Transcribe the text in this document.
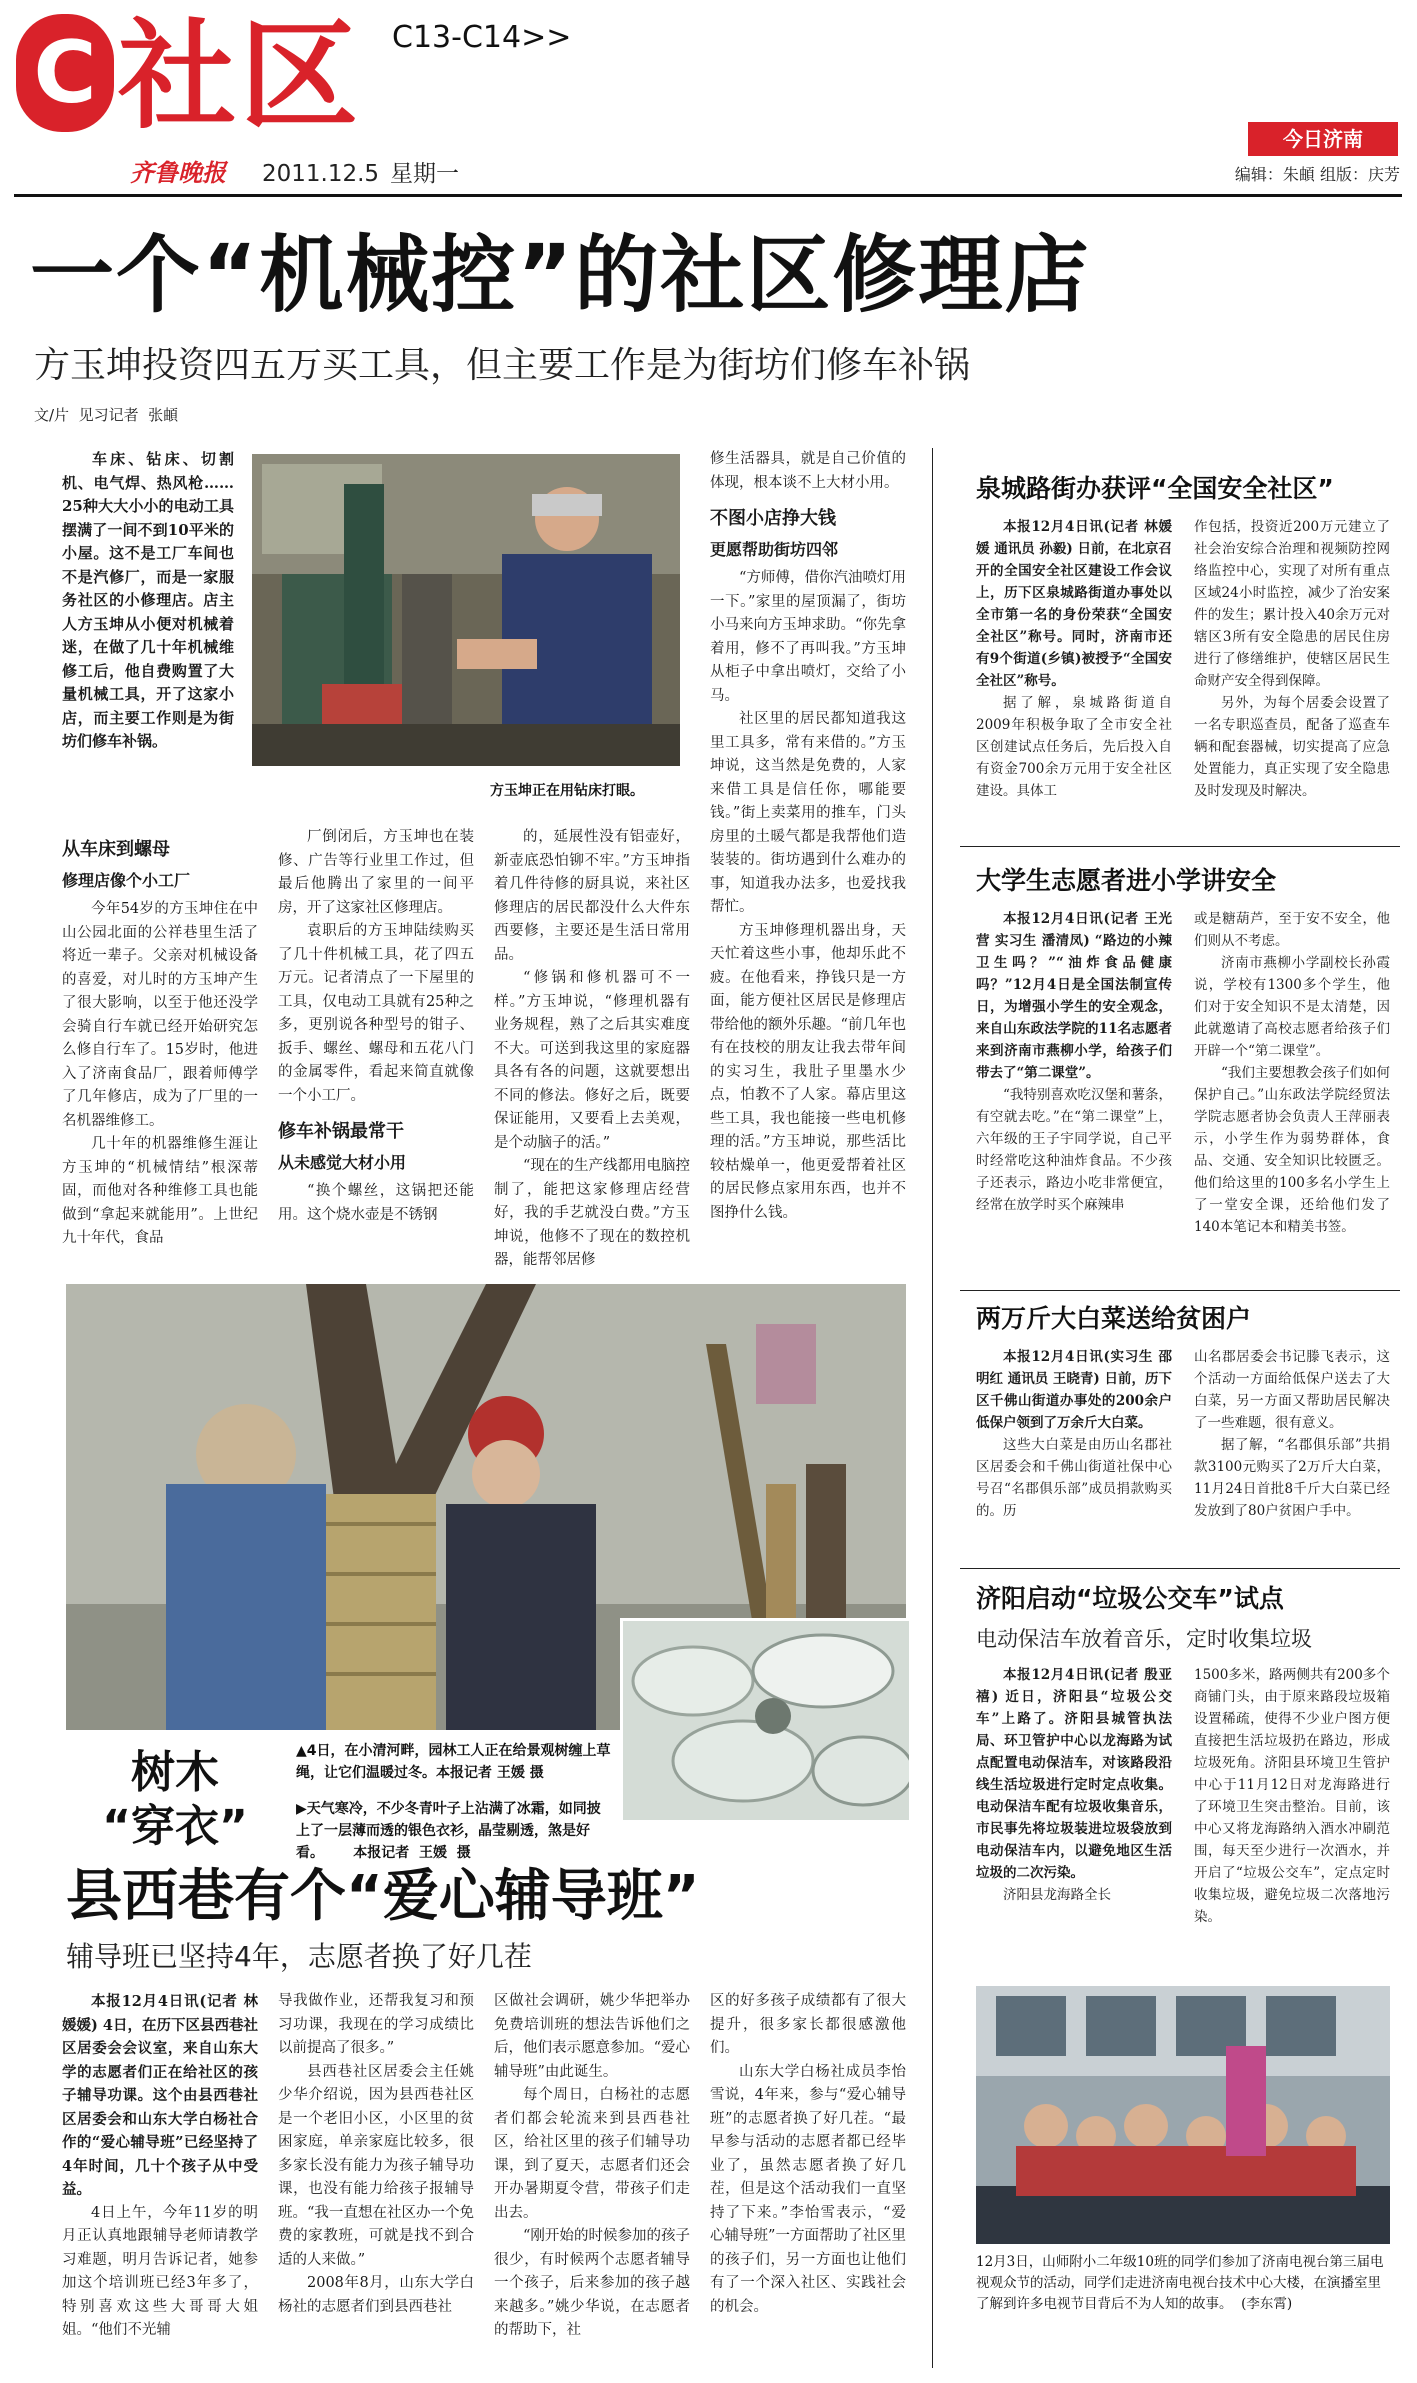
C 社区 C13-C14>>
齐鲁晚报 2011.12.5 星期一
今日济南
编辑：朱頔 组版：庆芳
一个“机械控”的社区修理店
方玉坤投资四五万买工具，但主要工作是为街坊们修车补锅
文/片  见习记者  张頔

车床、钻床、切割机、电气焊、热风枪……25种大大小小的电动工具摆满了一间不到10平米的小屋。这不是工厂车间也不是汽修厂，而是一家服务社区的小修理店。店主人方玉坤从小便对机械着迷，在做了几十年机械维修工后，他自费购置了大量机械工具，开了这家小店，而主要工作则是为街坊们修车补锅。

方玉坤正在用钻床打眼。
从车床到螺母
修理店像个小工厂

今年54岁的方玉坤住在中山公园北面的公祥巷里生活了将近一辈子。父亲对机械设备的喜爱，对儿时的方玉坤产生了很大影响，以至于他还没学会骑自行车就已经开始研究怎么修自行车了。15岁时，他进入了济南食品厂，跟着师傅学了几年修店，成为了厂里的一名机器维修工。

几十年的机器维修生涯让方玉坤的“机械情结”根深蒂固，而他对各种维修工具也能做到“拿起来就能用”。上世纪九十年代，食品

厂倒闭后，方玉坤也在装修、广告等行业里工作过，但最后他腾出了家里的一间平房，开了这家社区修理店。

袁职后的方玉坤陆续购买了几十件机械工具，花了四五万元。记者清点了一下屋里的工具，仅电动工具就有25种之多，更别说各种型号的钳子、扳手、螺丝、螺母和五花八门的金属零件，看起来简直就像一个小工厂。

修车补锅最常干
从未感觉大材小用

“换个螺丝，这锅把还能用。这个烧水壶是不锈钢

的，延展性没有铝壶好，新壶底恐怕铆不牢。”方玉坤指着几件待修的厨具说，来社区修理店的居民都没什么大件东西要修，主要还是生活日常用品。

“修锅和修机器可不一样。”方玉坤说，“修理机器有业务规程，熟了之后其实难度不大。可送到我这里的家庭器具各有各的问题，这就要想出不同的修法。修好之后，既要保证能用，又要看上去美观，是个动脑子的活。”

“现在的生产线都用电脑控制了，能把这家修理店经营好，我的手艺就没白费。”方玉坤说，他修不了现在的数控机器，能帮邻居修

修生活器具，就是自己价值的体现，根本谈不上大材小用。

不图小店挣大钱
更愿帮助街坊四邻

“方师傅，借你汽油喷灯用一下。”家里的屋顶漏了，街坊小马来向方玉坤求助。“你先拿着用，修不了再叫我。”方玉坤从柜子中拿出喷灯，交给了小马。

社区里的居民都知道我这里工具多，常有来借的。”方玉坤说，这当然是免费的，人家来借工具是信任你，哪能要钱。”街上卖菜用的推车，门头房里的土暖气都是我帮他们造装装的。街坊遇到什么难办的事，知道我办法多，也爱找我帮忙。

方玉坤修理机器出身，天天忙着这些小事，他却乐此不疲。在他看来，挣钱只是一方面，能方便社区居民是修理店带给他的额外乐趣。“前几年也有在技校的朋友让我去带年间的实习生，我肚子里墨水少点，怕教不了人家。幕店里这些工具，我也能接一些电机修理的活。”方玉坤说，那些活比较枯燥单一，他更爱帮着社区的居民修点家用东西，也并不图挣什么钱。

树木
“穿衣”
▲4日，在小清河畔，园林工人正在给景观树缠上草绳，让它们温暖过冬。本报记者 王媛 摄
▶天气寒冷，不少冬青叶子上沾满了冰霜，如同披上了一层薄而透的银色衣衫，晶莹剔透，煞是好看。      本报记者  王媛  摄
县西巷有个“爱心辅导班”
辅导班已坚持4年，志愿者换了好几茬

本报12月4日讯(记者 林媛媛) 4日，在历下区县西巷社区居委会会议室，来自山东大学的志愿者们正在给社区的孩子辅导功课。这个由县西巷社区居委会和山东大学白杨社合作的“爱心辅导班”已经坚持了4年时间，几十个孩子从中受益。

4日上午，今年11岁的明月正认真地跟辅导老师请教学习难题，明月告诉记者，她参加这个培训班已经3年多了，特别喜欢这些大哥哥大姐姐。“他们不光辅

导我做作业，还帮我复习和预习功课，我现在的学习成绩比以前提高了很多。”

县西巷社区居委会主任姚少华介绍说，因为县西巷社区是一个老旧小区，小区里的贫困家庭，单亲家庭比较多，很多家长没有能力为孩子辅导功课，也没有能力给孩子报辅导班。“我一直想在社区办一个免费的家教班，可就是找不到合适的人来做。”

2008年8月，山东大学白杨社的志愿者们到县西巷社

区做社会调研，姚少华把举办免费培训班的想法告诉他们之后，他们表示愿意参加。“爱心辅导班”由此诞生。

每个周日，白杨社的志愿者们都会轮流来到县西巷社区，给社区里的孩子们辅导功课，到了夏天，志愿者们还会开办暑期夏令营，带孩子们走出去。

“刚开始的时候参加的孩子很少，有时候两个志愿者辅导一个孩子，后来参加的孩子越来越多。”姚少华说，在志愿者的帮助下，社

区的好多孩子成绩都有了很大提升，很多家长都很感激他们。

山东大学白杨社成员李怡雪说，4年来，参与“爱心辅导班”的志愿者换了好几茬。“最早参与活动的志愿者都已经毕业了，虽然志愿者换了好几茬，但是这个活动我们一直坚持了下来。”李怡雪表示，“爱心辅导班”一方面帮助了社区里的孩子们，另一方面也让他们有了一个深入社区、实践社会的机会。

泉城路街办获评“全国安全社区”

本报12月4日讯(记者 林媛媛 通讯员 孙毅) 日前，在北京召开的全国安全社区建设工作会议上，历下区泉城路街道办事处以全市第一名的身份荣获“全国安全社区”称号。同时，济南市还有9个街道(乡镇)被授予“全国安全社区”称号。

据了解，泉城路街道自2009年积极争取了全市安全社区创建试点任务后，先后投入自有资金700余万元用于安全社区建设。具体工

作包括，投资近200万元建立了社会治安综合治理和视频防控网络监控中心，实现了对所有重点区域24小时监控，减少了治安案件的发生；累计投入40余万元对辖区3所有安全隐患的居民住房进行了修缮维护，使辖区居民生命财产安全得到保障。

另外，为每个居委会设置了一名专职巡查员，配备了巡查车辆和配套器械，切实提高了应急处置能力，真正实现了安全隐患及时发现及时解决。

大学生志愿者进小学讲安全

本报12月4日讯(记者 王光营 实习生 潘清凤) “路边的小辣卫生吗？”“油炸食品健康吗？”12月4日是全国法制宣传日，为增强小学生的安全观念，来自山东政法学院的11名志愿者来到济南市燕柳小学，给孩子们带去了“第二课堂”。

“我特别喜欢吃汉堡和薯条，有空就去吃。”在“第二课堂”上，六年级的王子宇同学说，自己平时经常吃这种油炸食品。不少孩子还表示，路边小吃非常便宜，经常在放学时买个麻辣串

或是糖葫芦，至于安不安全，他们则从不考虑。

济南市燕柳小学副校长孙霞说，学校有1300多个学生，他们对于安全知识不是太清楚，因此就邀请了高校志愿者给孩子们开辟一个“第二课堂”。

“我们主要想教会孩子们如何保护自己。”山东政法学院经贸法学院志愿者协会负责人王萍丽表示，小学生作为弱势群体，食品、交通、安全知识比较匮乏。他们给这里的100多名小学生上了一堂安全课，还给他们发了140本笔记本和精美书签。

两万斤大白菜送给贫困户

本报12月4日讯(实习生 邵明红 通讯员 王晓青) 日前，历下区千佛山街道办事处的200余户低保户领到了万余斤大白菜。

这些大白菜是由历山名郡社区居委会和千佛山街道社保中心号召“名郡俱乐部”成员捐款购买的。历

山名郡居委会书记滕飞表示，这个活动一方面给低保户送去了大白菜，另一方面又帮助居民解决了一些难题，很有意义。

据了解，“名郡俱乐部”共捐款3100元购买了2万斤大白菜，11月24日首批8千斤大白菜已经发放到了80户贫困户手中。

济阳启动“垃圾公交车”试点
电动保洁车放着音乐，定时收集垃圾

本报12月4日讯(记者 殷亚禧) 近日，济阳县“垃圾公交车”上路了。济阳县城管执法局、环卫管护中心以龙海路为试点配置电动保洁车，对该路段沿线生活垃圾进行定时定点收集。电动保洁车配有垃圾收集音乐，市民事先将垃圾装进垃圾袋放到电动保洁车内，以避免地区生活垃圾的二次污染。

济阳县龙海路全长

1500多米，路两侧共有200多个商铺门头，由于原来路段垃圾箱设置稀疏，使得不少业户图方便直接把生活垃圾扔在路边，形成垃圾死角。济阳县环境卫生管护中心于11月12日对龙海路进行了环境卫生突击整治。目前，该中心又将龙海路纳入酒水冲刷范围，每天至少进行一次酒水，并开启了“垃圾公交车”，定点定时收集垃圾，避免垃圾二次落地污染。

12月3日，山师附小二年级10班的同学们参加了济南电视台第三届电视观众节的活动，同学们走进济南电视台技术中心大楼，在演播室里了解到许多电视节目背后不为人知的故事。  (李东霄)
